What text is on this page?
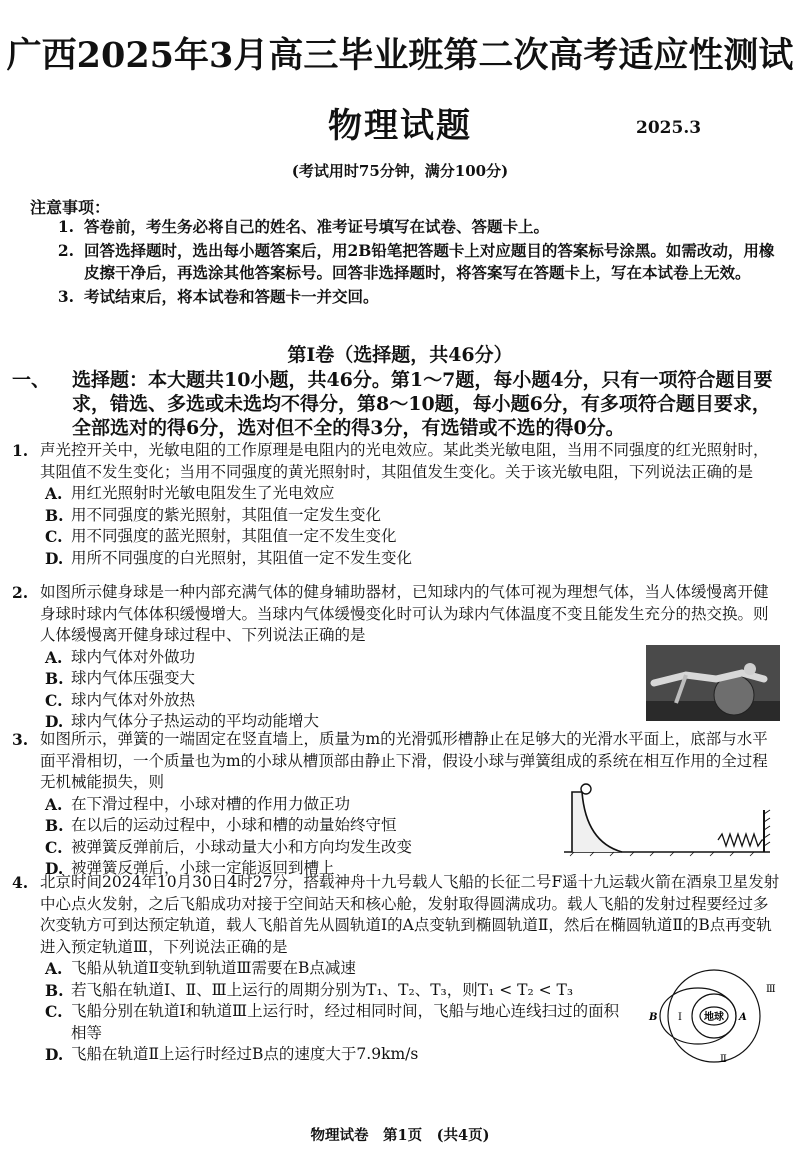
广西2025年3月高三毕业班第二次高考适应性测试
物理试题	2025.3
(考试用时75分钟，满分100分)
注意事项：
1. 答卷前，考生务必将自己的姓名、准考证号填写在试卷、答题卡上。
2. 回答选择题时，选出每小题答案后，用2B铅笔把答题卡上对应题目的答案标号涂黑。如需改动，用橡皮擦干净后，再选涂其他答案标号。回答非选择题时，将答案写在答题卡上，写在本试卷上无效。
3. 考试结束后，将本试卷和答题卡一并交回。
第Ⅰ卷（选择题，共46分）
一、	选择题：本大题共10小题，共46分。第1～7题，每小题4分，只有一项符合题目要求，错选、多选或未选均不得分，第8～10题，每小题6分，有多项符合题目要求，全部选对的得6分，选对但不全的得3分，有选错或不选的得0分。
1. 声光控开关中，光敏电阻的工作原理是电阻内的光电效应。某此类光敏电阻，当用不同强度的红光照射时，其阻值不发生变化；当用不同强度的黄光照射时，其阻值发生变化。关于该光敏电阻，下列说法正确的是
A. 用红光照射时光敏电阻发生了光电效应
B. 用不同强度的紫光照射，其阻值一定发生变化
C. 用不同强度的蓝光照射，其阻值一定不发生变化
D. 用所不同强度的白光照射，其阻值一定不发生变化
2. 如图所示健身球是一种内部充满气体的健身辅助器材，已知球内的气体可视为理想气体，当人体缓慢离开健身球时球内气体体积缓慢增大。当球内气体缓慢变化时可认为球内气体温度不变且能发生充分的热交换。则人体缓慢离开健身球过程中、下列说法正确的是
A. 球内气体对外做功
B. 球内气体压强变大
C. 球内气体对外放热
D. 球内气体分子热运动的平均动能增大
3. 如图所示，弹簧的一端固定在竖直墙上，质量为m的光滑弧形槽静止在足够大的光滑水平面上，底部与水平面平滑相切，一个质量也为m的小球从槽顶部由静止下滑，假设小球与弹簧组成的系统在相互作用的全过程无机械能损失，则
A. 在下滑过程中，小球对槽的作用力做正功
B. 在以后的运动过程中，小球和槽的动量始终守恒
C. 被弹簧反弹前后，小球动量大小和方向均发生改变
D. 被弹簧反弹后，小球一定能返回到槽上
4. 北京时间2024年10月30日4时27分，搭载神舟十九号载人飞船的长征二号F遥十九运载火箭在酒泉卫星发射中心点火发射，之后飞船成功对接于空间站天和核心舱，发射取得圆满成功。载人飞船的发射过程要经过多次变轨方可到达预定轨道，载人飞船首先从圆轨道Ⅰ的A点变轨到椭圆轨道Ⅱ，然后在椭圆轨道Ⅱ的B点再变轨进入预定轨道Ⅲ，下列说法正确的是
A. 飞船从轨道Ⅱ变轨到轨道Ⅲ需要在B点减速
B. 若飞船在轨道Ⅰ、Ⅱ、Ⅲ上运行的周期分别为T₁、T₂、T₃，则T₁ < T₂ < T₃
C. 飞船分别在轨道Ⅰ和轨道Ⅲ上运行时，经过相同时间，飞船与地心连线扫过的面积相等
D. 飞船在轨道Ⅱ上运行时经过B点的速度大于7.9km/s
地球 A
B Ⅰ
Ⅱ
Ⅲ
物理试卷　第1页　(共4页)
